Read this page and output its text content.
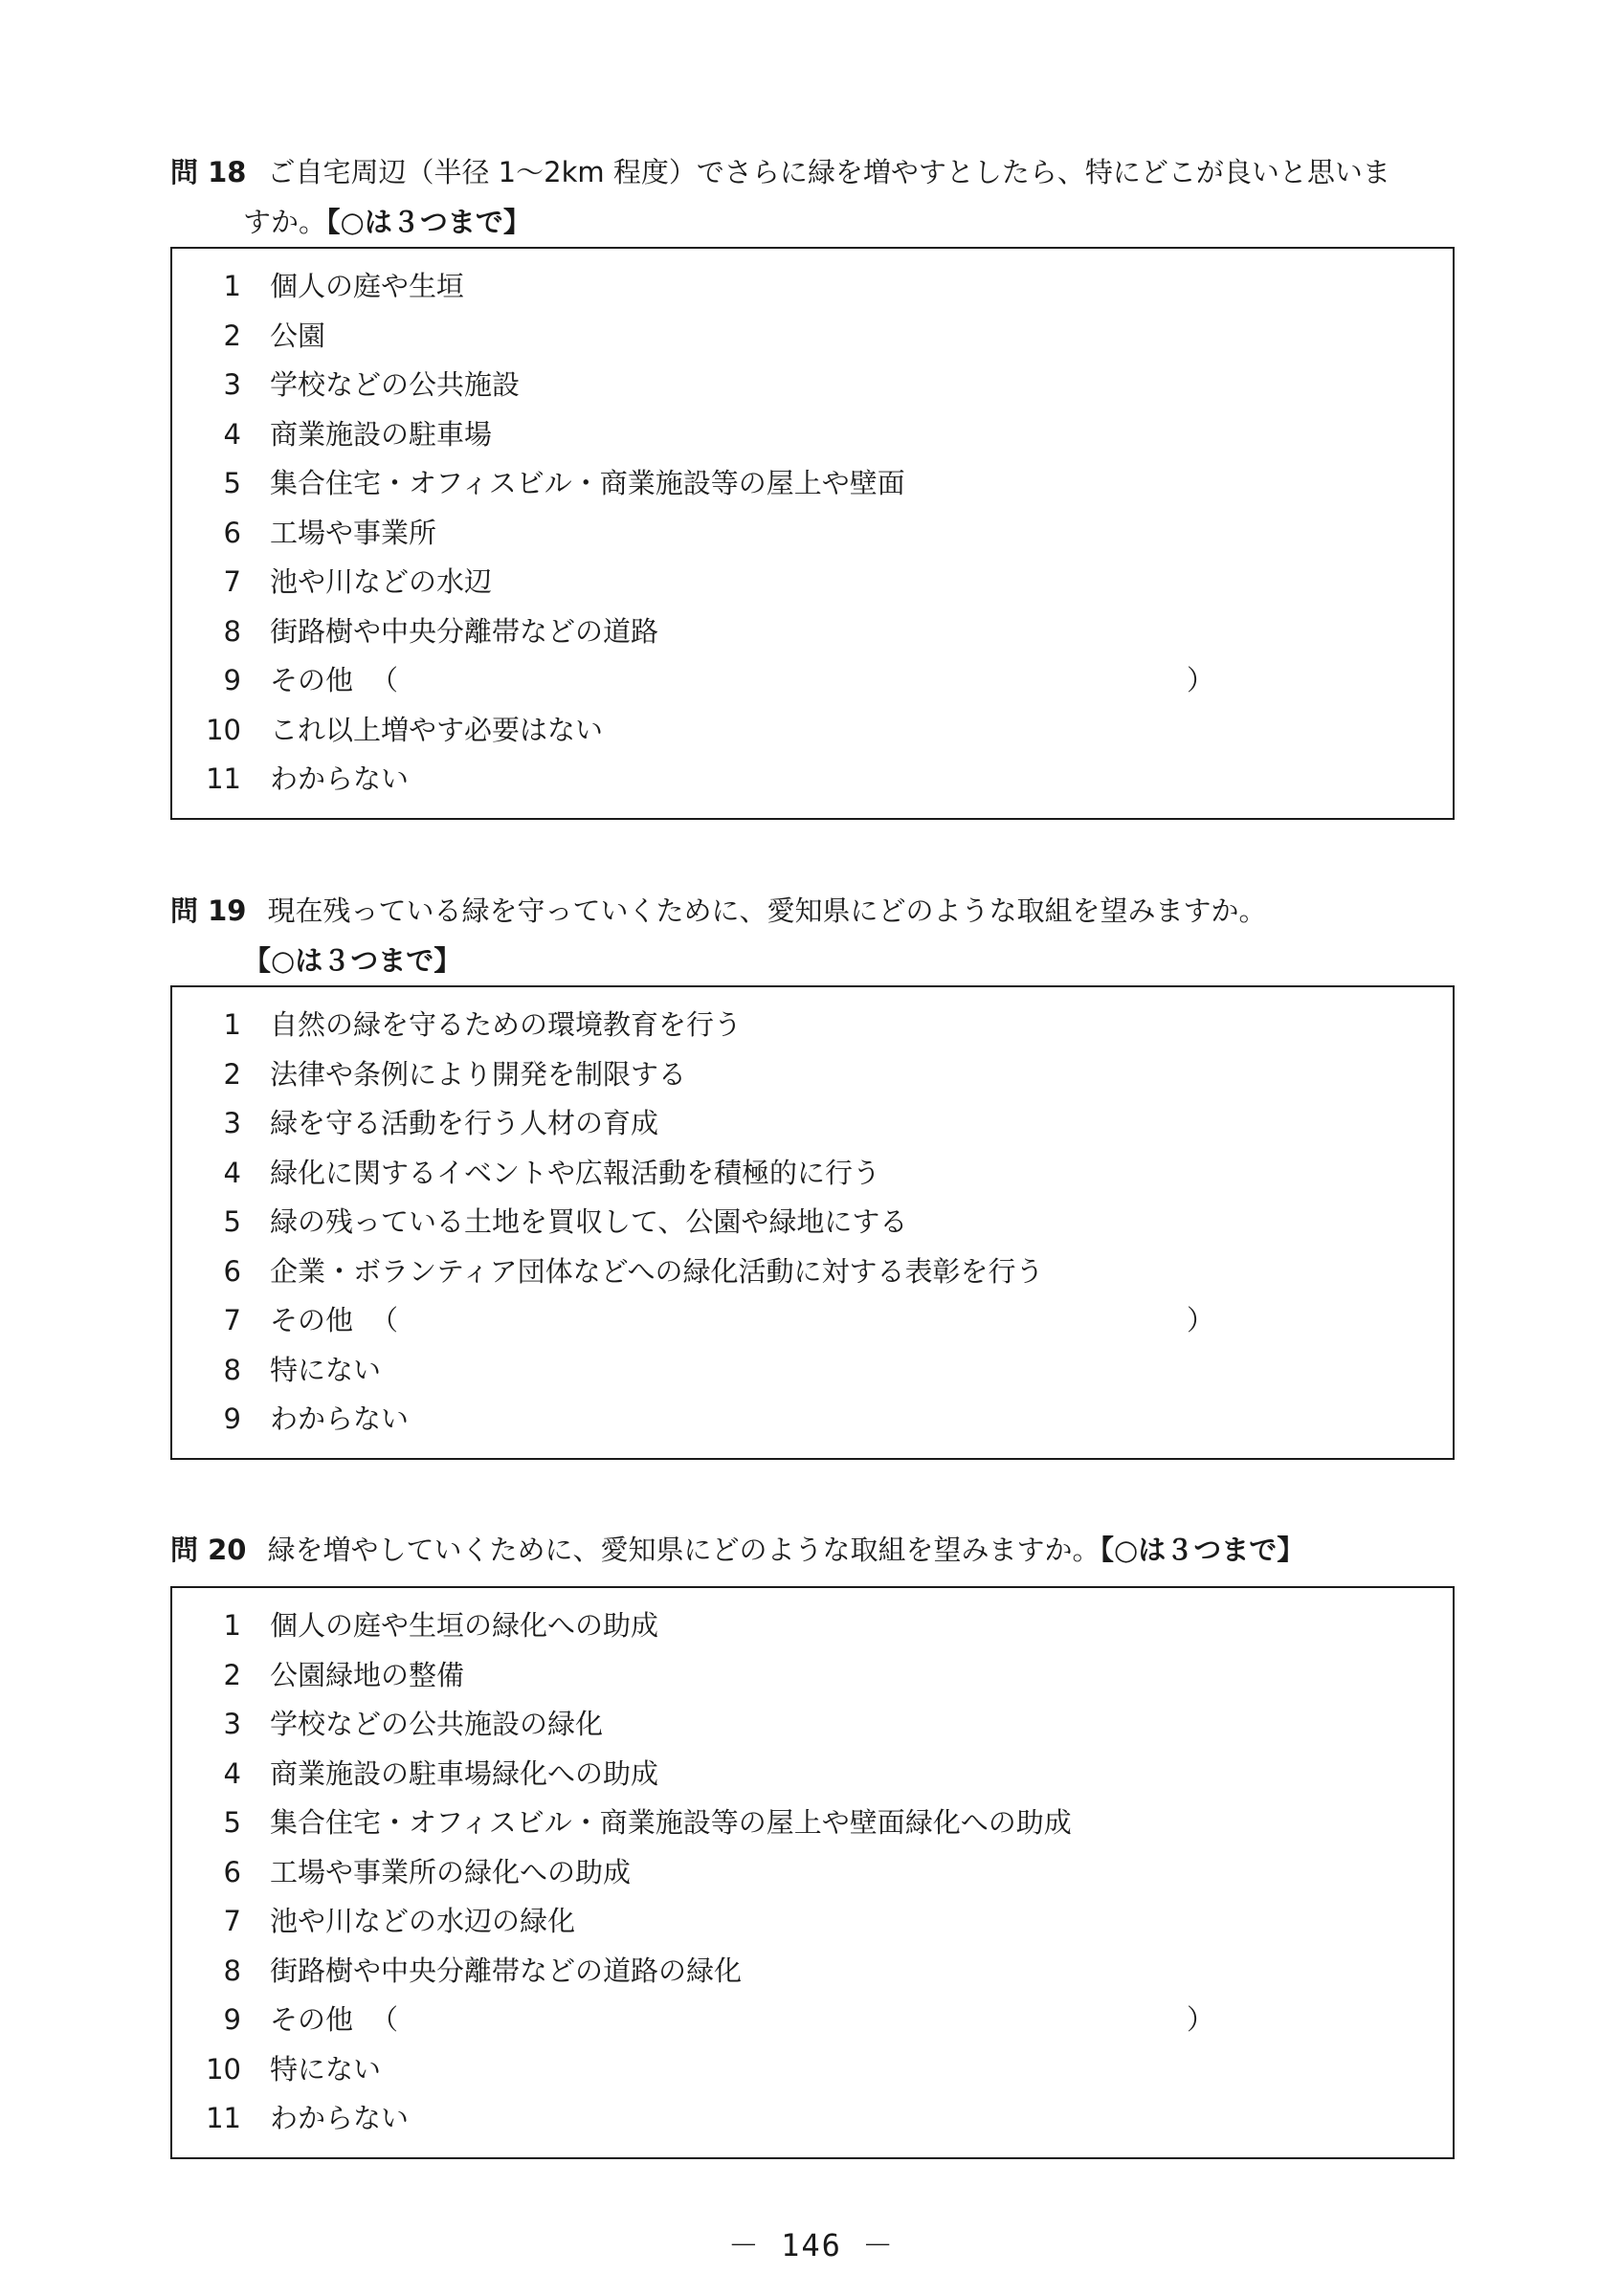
問 18 ご自宅周辺（半径 1～2km 程度）でさらに緑を増やすとしたら、特にどこが良いと思いま
すか。【○は３つまで】
1 個人の庭や生垣
2 公園
3 学校などの公共施設
4 商業施設の駐車場
5 集合住宅・オフィスビル・商業施設等の屋上や壁面
6 工場や事業所
7 池や川などの水辺
8 街路樹や中央分離帯などの道路
9 その他 （	）
10 これ以上増やす必要はない
11 わからない
問 19 現在残っている緑を守っていくために、愛知県にどのような取組を望みますか。
【○は３つまで】
1 自然の緑を守るための環境教育を行う
2 法律や条例により開発を制限する
3 緑を守る活動を行う人材の育成
4 緑化に関するイベントや広報活動を積極的に行う
5 緑の残っている土地を買収して、公園や緑地にする
6 企業・ボランティア団体などへの緑化活動に対する表彰を行う
7 その他 （	）
8 特にない
9 わからない
問 20 緑を増やしていくために、愛知県にどのような取組を望みますか。【○は３つまで】
1 個人の庭や生垣の緑化への助成
2 公園緑地の整備
3 学校などの公共施設の緑化
4 商業施設の駐車場緑化への助成
5 集合住宅・オフィスビル・商業施設等の屋上や壁面緑化への助成
6 工場や事業所の緑化への助成
7 池や川などの水辺の緑化
8 街路樹や中央分離帯などの道路の緑化
9 その他 （	）
10 特にない
11 わからない
－ 146 －
